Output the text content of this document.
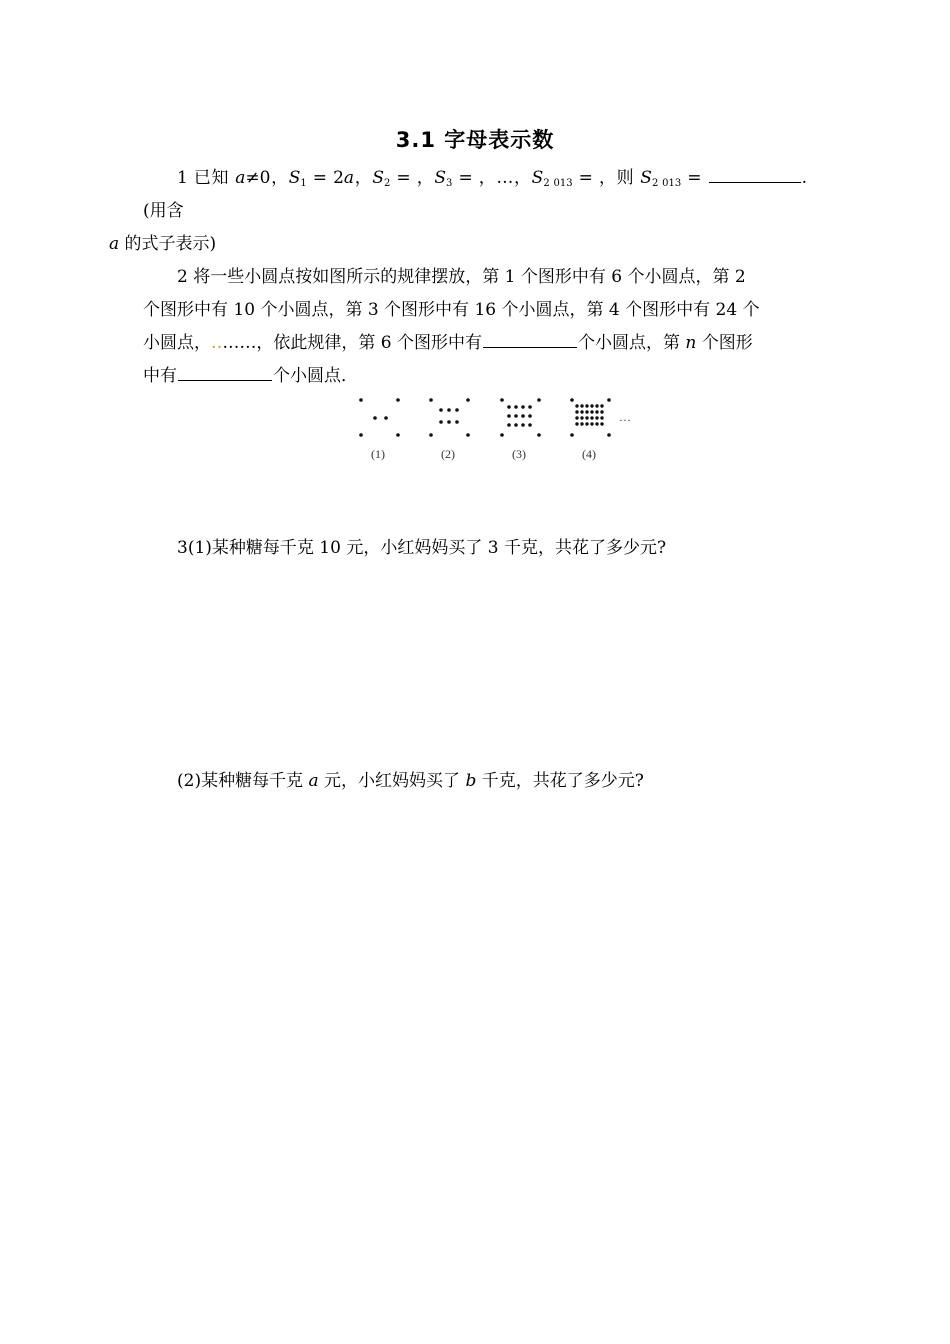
3.1 字母表示数
1 已知 a≠0，$S_1 = 2a$，$S_2$ = ，$S_3$ = ，…，$S_{2 013}$ = ，则 $S_{2 013}$ =	.(用含
a 的式子表示)
2 将一些小圆点按如图所示的规律摆放，第 1 个图形中有 6 个小圆点，第 2
个图形中有 10 个小圆点，第 3 个图形中有 16 个小圆点，第 4 个图形中有 24 个
小圆点，‥……，依此规律，第 6 个图形中有	个小圆点，第 n 个图形
中有	个小圆点．
…
(1)	(2)	(3)	(4)
3(1)某种糖每千克 10 元，小红妈妈买了 3 千克，共花了多少元?
(2)某种糖每千克 a 元，小红妈妈买了 b 千克，共花了多少元?
